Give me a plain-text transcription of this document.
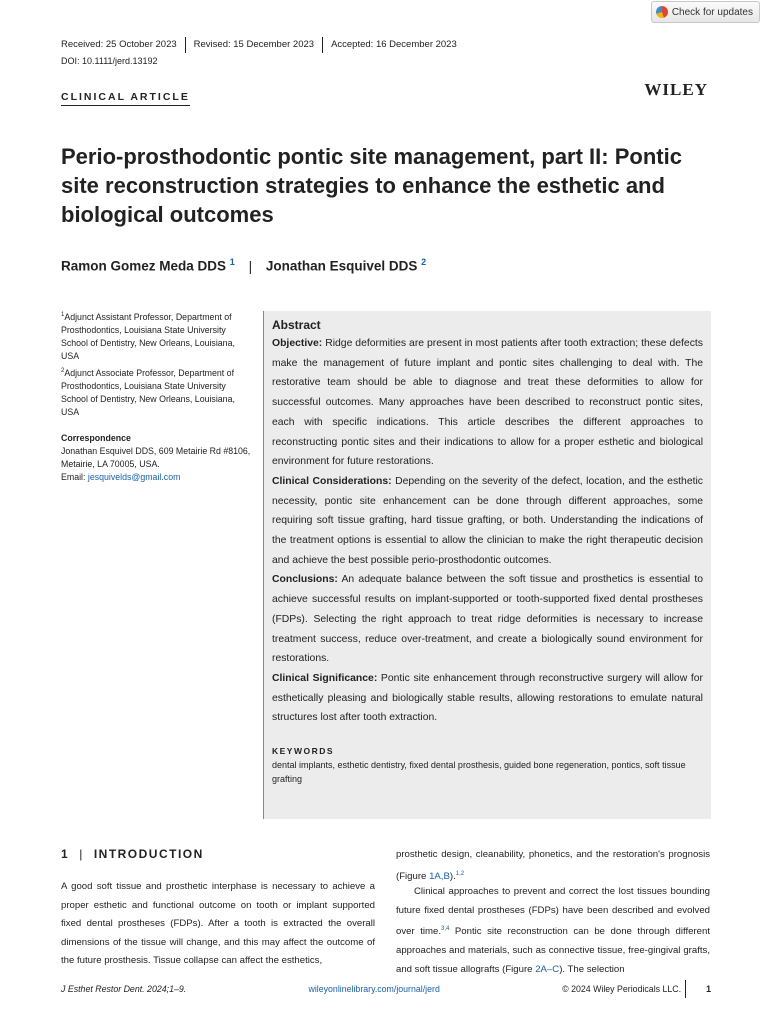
Check for updates
Received: 25 October 2023	Revised: 15 December 2023	Accepted: 16 December 2023
DOI: 10.1111/jerd.13192
CLINICAL ARTICLE	WILEY
Perio-prosthodontic pontic site management, part II: Pontic site reconstruction strategies to enhance the esthetic and biological outcomes
Ramon Gomez Meda DDS $^1$ | Jonathan Esquivel DDS $^2$
$^1$Adjunct Assistant Professor, Department of Prosthodontics, Louisiana State University School of Dentistry, New Orleans, Louisiana, USA
$^2$Adjunct Associate Professor, Department of Prosthodontics, Louisiana State University School of Dentistry, New Orleans, Louisiana, USA
Correspondence
Jonathan Esquivel DDS, 609 Metairie Rd #8106, Metairie, LA 70005, USA.
Email: jesquivelds@gmail.com
Abstract

Objective: Ridge deformities are present in most patients after tooth extraction; these defects make the management of future implant and pontic sites challenging to deal with. The restorative team should be able to diagnose and treat these deformities to allow for successful outcomes. Many approaches have been described to reconstruct pontic sites, each with specific indications. This article describes the different approaches to reconstructing pontic sites and their indications to allow for a proper esthetic and biological environment for future restorations.

Clinical Considerations: Depending on the severity of the defect, location, and the esthetic necessity, pontic site enhancement can be done through different approaches, some requiring soft tissue grafting, hard tissue grafting, or both. Understanding the indications of the treatment options is essential to allow the clinician to make the right therapeutic decision and achieve the best possible perio-prosthodontic outcomes.

Conclusions: An adequate balance between the soft tissue and prosthetics is essential to achieve successful results on implant-supported or tooth-supported fixed dental prostheses (FDPs). Selecting the right approach to treat ridge deformities is necessary to increase treatment success, reduce over-treatment, and create a biologically sound environment for restorations.

Clinical Significance: Pontic site enhancement through reconstructive surgery will allow for esthetically pleasing and biologically stable results, allowing restorations to emulate natural structures lost after tooth extraction.

KEYWORDS
dental implants, esthetic dentistry, fixed dental prosthesis, guided bone regeneration, pontics, soft tissue grafting
1 | INTRODUCTION

A good soft tissue and prosthetic interphase is necessary to achieve a proper esthetic and functional outcome on tooth or implant supported fixed dental prostheses (FDPs). After a tooth is extracted the overall dimensions of the tissue will change, and this may affect the outcome of the future prosthesis. Tissue collapse can affect the esthetics,

prosthetic design, cleanability, phonetics, and the restoration's prognosis (Figure 1A,B).$^{1,2}$

Clinical approaches to prevent and correct the lost tissues bounding future fixed dental prostheses (FDPs) have been described and evolved over time.$^{3,4}$ Pontic site reconstruction can be done through different approaches and materials, such as connective tissue, free-gingival grafts, and soft tissue allografts (Figure 2A–C). The selection

J Esthet Restor Dent. 2024;1–9.	wileyonlinelibrary.com/journal/jerd	© 2024 Wiley Periodicals LLC.	1
